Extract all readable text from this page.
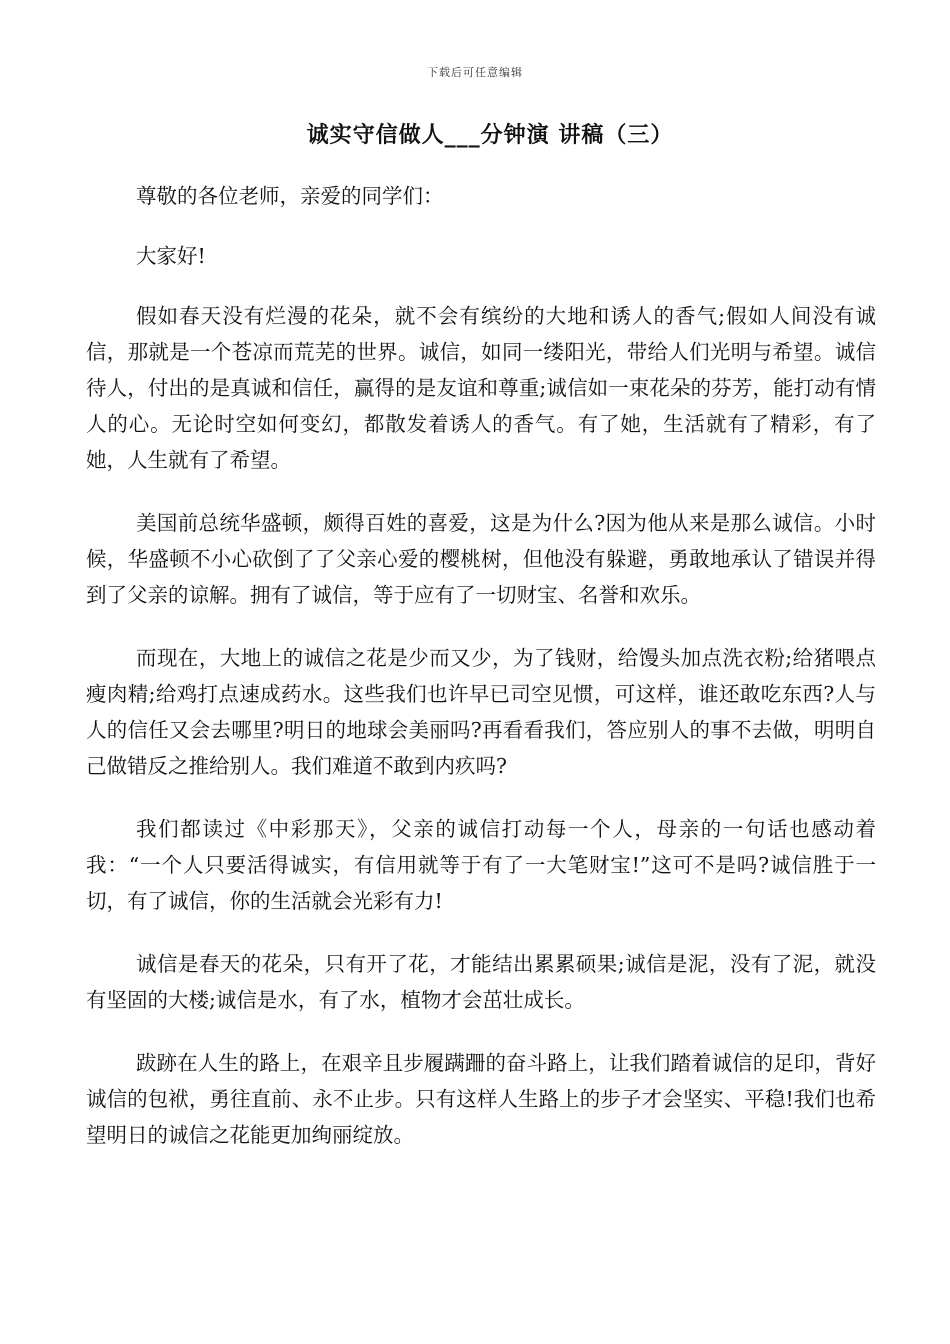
下载后可任意编辑
诚实守信做人___分钟演 讲稿（三）

尊敬的各位老师，亲爱的同学们：

大家好!

假如春天没有烂漫的花朵，就不会有缤纷的大地和诱人的香气;假如人间没有诚信，那就是一个苍凉而荒芜的世界。诚信，如同一缕阳光，带给人们光明与希望。诚信待人，付出的是真诚和信任，赢得的是友谊和尊重;诚信如一束花朵的芬芳，能打动有情人的心。无论时空如何变幻，都散发着诱人的香气。有了她，生活就有了精彩，有了她，人生就有了希望。

美国前总统华盛顿，颇得百姓的喜爱，这是为什么?因为他从来是那么诚信。小时候，华盛顿不小心砍倒了了父亲心爱的樱桃树，但他没有躲避，勇敢地承认了错误并得到了父亲的谅解。拥有了诚信，等于应有了一切财宝、名誉和欢乐。

而现在，大地上的诚信之花是少而又少，为了钱财，给馒头加点洗衣粉;给猪喂点瘦肉精;给鸡打点速成药水。这些我们也许早已司空见惯，可这样，谁还敢吃东西?人与人的信任又会去哪里?明日的地球会美丽吗?再看看我们，答应别人的事不去做，明明自己做错反之推给别人。我们难道不敢到内疚吗?

我们都读过《中彩那天》，父亲的诚信打动每一个人，母亲的一句话也感动着我：“一个人只要活得诚实，有信用就等于有了一大笔财宝!”这可不是吗?诚信胜于一切，有了诚信，你的生活就会光彩有力!

诚信是春天的花朵，只有开了花，才能结出累累硕果;诚信是泥，没有了泥，就没有坚固的大楼;诚信是水，有了水，植物才会茁壮成长。

跋跡在人生的路上，在艰辛且步履蹒跚的奋斗路上，让我们踏着诚信的足印，背好诚信的包袱，勇往直前、永不止步。只有这样人生路上的步子才会坚实、平稳!我们也希望明日的诚信之花能更加绚丽绽放。
